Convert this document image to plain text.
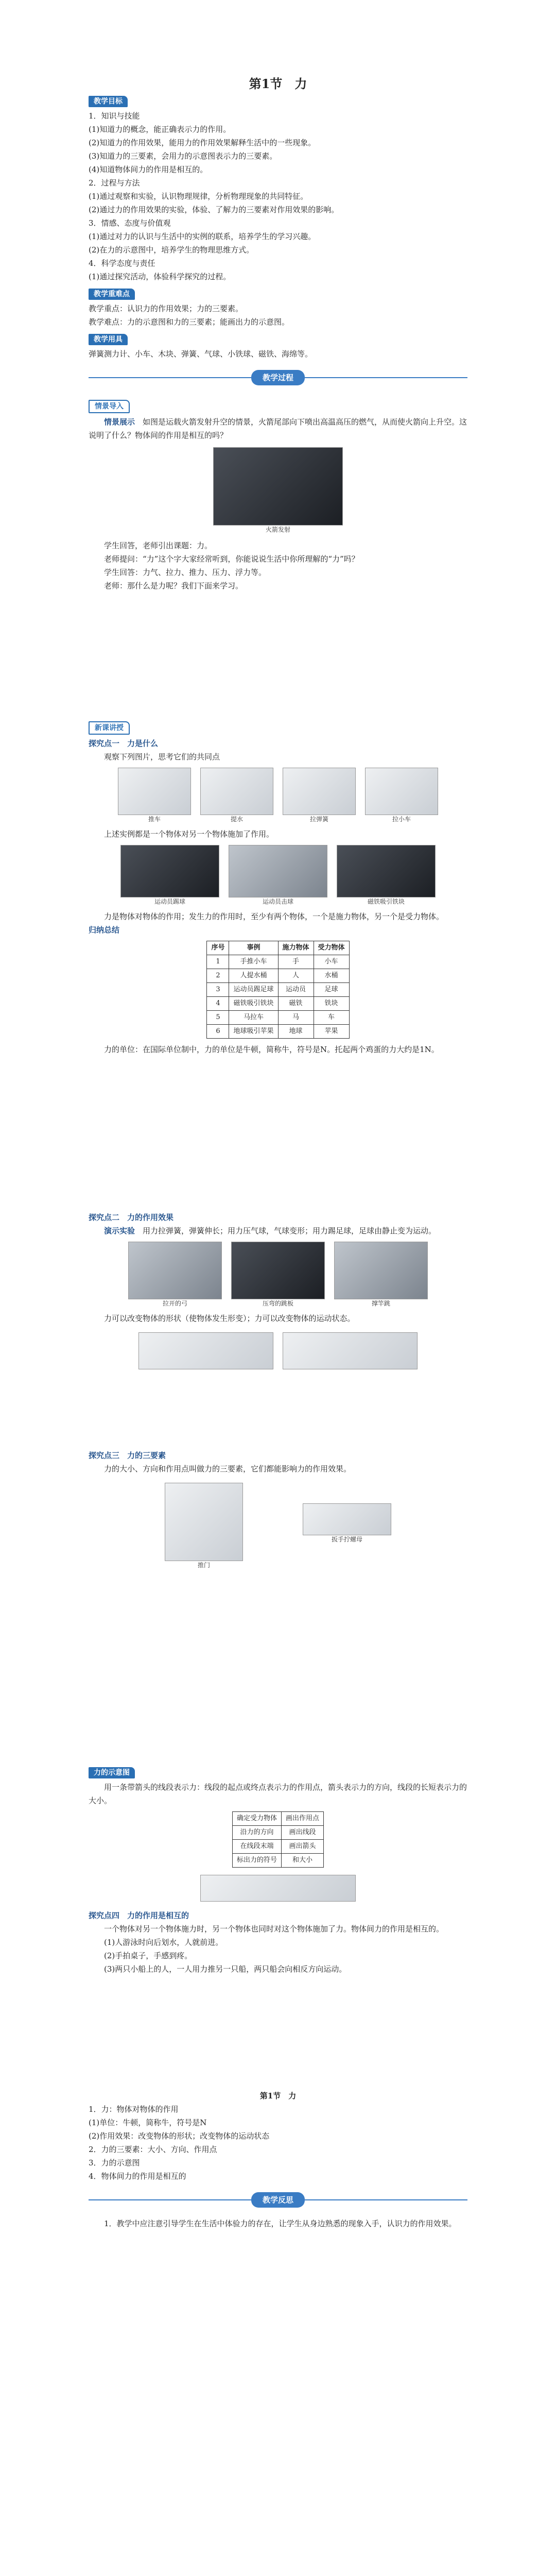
第1节　力
教学目标

1．知识与技能

(1)知道力的概念，能正确表示力的作用。

(2)知道力的作用效果，能用力的作用效果解释生活中的一些现象。

(3)知道力的三要素，会用力的示意图表示力的三要素。

(4)知道物体间力的作用是相互的。

2．过程与方法

(1)通过观察和实验，认识物理规律，分析物理现象的共同特征。

(2)通过力的作用效果的实验，体验、了解力的三要素对作用效果的影响。

3．情感、态度与价值观

(1)通过对力的认识与生活中的实例的联系，培养学生的学习兴趣。

(2)在力的示意图中，培养学生的物理思维方式。

4．科学态度与责任

(1)通过探究活动，体验科学探究的过程。

教学重难点

教学重点：认识力的作用效果；力的三要素。

教学难点：力的示意图和力的三要素；能画出力的示意图。

教学用具

弹簧测力计、小车、木块、弹簧、气球、小铁球、磁铁、海绵等。

教学过程
情景导入

情景展示　 如图是运载火箭发射升空的情景，火箭尾部向下喷出高温高压的燃气，从而使火箭向上升空。这说明了什么？物体间的作用是相互的吗？

火箭发射

学生回答，老师引出课题：力。

老师提问：“力”这个字大家经常听到，你能说说生活中你所理解的“力”吗？

学生回答：力气、拉力、推力、压力、浮力等。

老师：那什么是力呢？我们下面来学习。

新课讲授

探究点一　力是什么

观察下列图片，思考它们的共同点

推车	提水	拉弹簧	拉小车

上述实例都是一个物体对另一个物体施加了作用。

运动员踢球	运动员击球	磁铁吸引铁块

力是物体对物体的作用；发生力的作用时，至少有两个物体，一个是施力物体，另一个是受力物体。

归纳总结

序号	事例	施力物体	受力物体
1	手推小车	手	小车
2	人提水桶	人	水桶
3	运动员踢足球	运动员	足球
4	磁铁吸引铁块	磁铁	铁块
5	马拉车	马	车
6	地球吸引苹果	地球	苹果

力的单位：在国际单位制中，力的单位是牛顿，简称牛，符号是N。托起两个鸡蛋的力大约是1N。

探究点二　力的作用效果

演示实验　 用力拉弹簧，弹簧伸长；用力压气球，气球变形；用力踢足球，足球由静止变为运动。

拉开的弓	压弯的跳板	撑竿跳

力可以改变物体的形状（使物体发生形变）；力可以改变物体的运动状态。

探究点三　力的三要素

力的大小、方向和作用点叫做力的三要素，它们都能影响力的作用效果。

推门
扳手拧螺母
力的示意图

用一条带箭头的线段表示力：线段的起点或终点表示力的作用点，箭头表示力的方向，线段的长短表示力的大小。

确定受力物体	画出作用点
沿力的方向	画出线段
在线段末端	画出箭头
标出力的符号	和大小

探究点四　力的作用是相互的

一个物体对另一个物体施力时，另一个物体也同时对这个物体施加了力。物体间力的作用是相互的。

(1)人游泳时向后划水，人就前进。

(2)手拍桌子，手感到疼。

(3)两只小船上的人，一人用力推另一只船，两只船会向相反方向运动。

第1节　力

1．力：物体对物体的作用

(1)单位：牛顿，简称牛，符号是N

(2)作用效果：改变物体的形状；改变物体的运动状态

2．力的三要素：大小、方向、作用点

3．力的示意图

4．物体间力的作用是相互的

教学反思

1．教学中应注意引导学生在生活中体验力的存在，让学生从身边熟悉的现象入手，认识力的作用效果。
